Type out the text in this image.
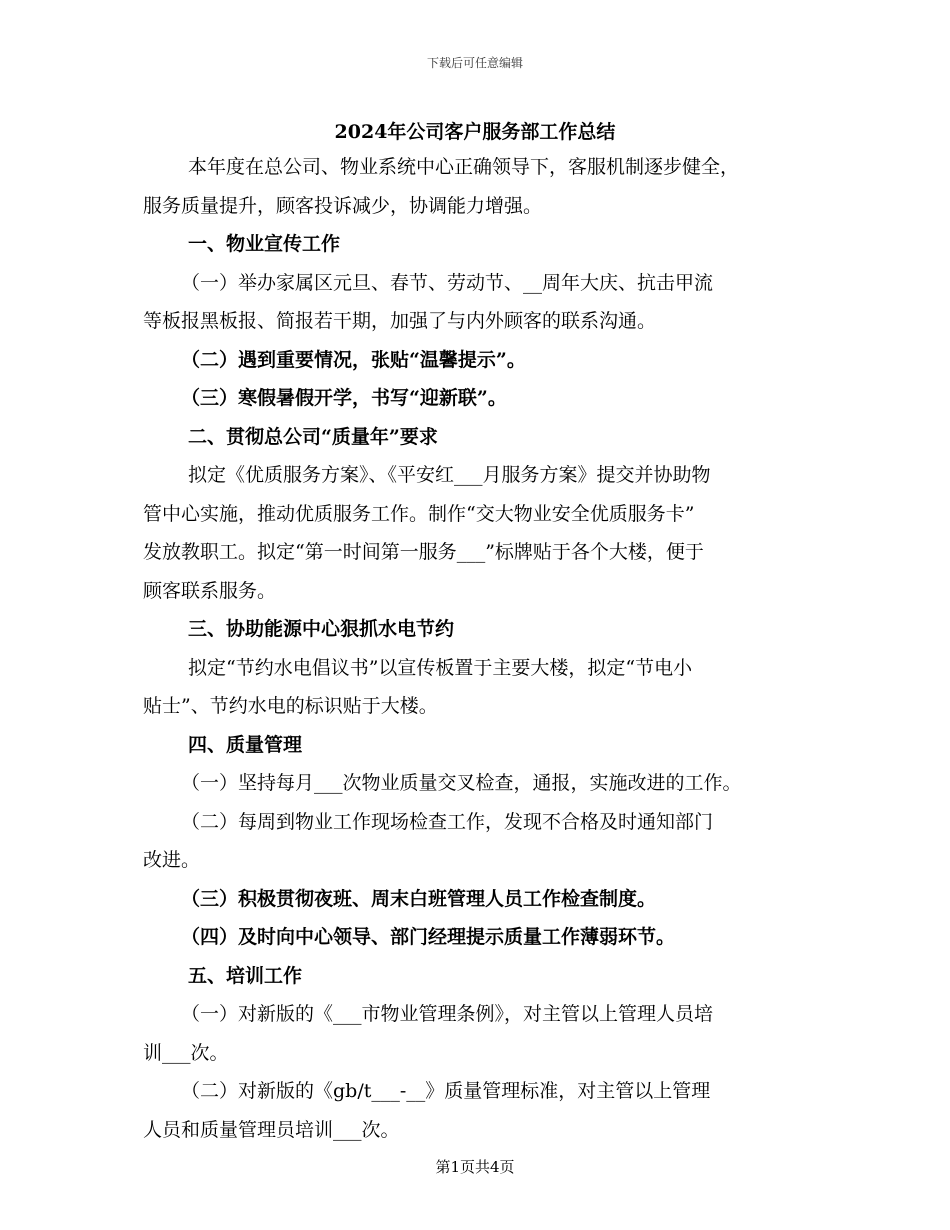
下载后可任意编辑
2024年公司客户服务部工作总结

本年度在总公司、物业系统中心正确领导下，客服机制逐步健全，

服务质量提升，顾客投诉减少，协调能力增强。

一、物业宣传工作

（一）举办家属区元旦、春节、劳动节、__周年大庆、抗击甲流

等板报黑板报、简报若干期，加强了与内外顾客的联系沟通。

（二）遇到重要情况，张贴“温馨提示”。

（三）寒假暑假开学，书写“迎新联”。

二、贯彻总公司“质量年”要求

拟定《优质服务方案》、《平安红___月服务方案》提交并协助物

管中心实施，推动优质服务工作。制作“交大物业安全优质服务卡”

发放教职工。拟定“第一时间第一服务___”标牌贴于各个大楼，便于

顾客联系服务。

三、协助能源中心狠抓水电节约

拟定“节约水电倡议书”以宣传板置于主要大楼，拟定“节电小

贴士”、节约水电的标识贴于大楼。

四、质量管理

（一）坚持每月___次物业质量交叉检查，通报，实施改进的工作。

（二）每周到物业工作现场检查工作，发现不合格及时通知部门

改进。

（三）积极贯彻夜班、周末白班管理人员工作检查制度。

（四）及时向中心领导、部门经理提示质量工作薄弱环节。

五、培训工作

（一）对新版的《___市物业管理条例》，对主管以上管理人员培

训___次。

（二）对新版的《gb/t___-__》质量管理标准，对主管以上管理

人员和质量管理员培训___次。

第1页共4页
